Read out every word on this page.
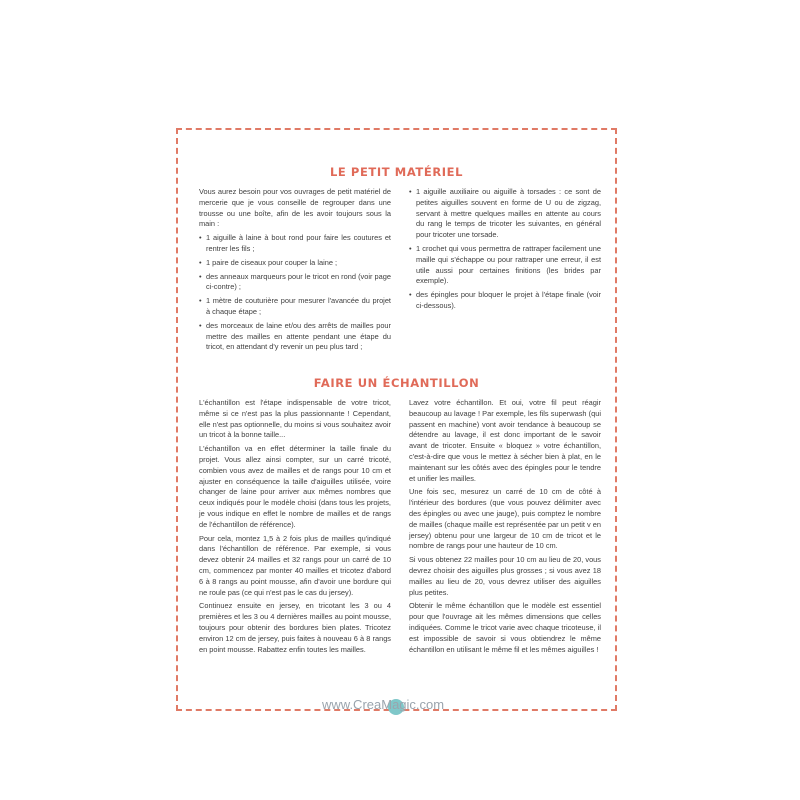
LE PETIT MATÉRIEL

Vous aurez besoin pour vos ouvrages de petit matériel de mercerie que je vous conseille de regrouper dans une trousse ou une boîte, afin de les avoir toujours sous la main :

• 1 aiguille à laine à bout rond pour faire les coutures et rentrer les fils ;
• 1 paire de ciseaux pour couper la laine ;
• des anneaux marqueurs pour le tricot en rond (voir page ci-contre) ;
• 1 mètre de couturière pour mesurer l'avancée du projet à chaque étape ;
• des morceaux de laine et/ou des arrêts de mailles pour mettre des mailles en attente pendant une étape du tricot, en attendant d'y revenir un peu plus tard ;
• 1 aiguille auxiliaire ou aiguille à torsades : ce sont de petites aiguilles souvent en forme de U ou de zigzag, servant à mettre quelques mailles en attente au cours du rang le temps de tricoter les suivantes, en général pour tricoter une torsade.
• 1 crochet qui vous permettra de rattraper facilement une maille qui s'échappe ou pour rattraper une erreur, il est utile aussi pour certaines finitions (les brides par exemple).
• des épingles pour bloquer le projet à l'étape finale (voir ci-dessous).
FAIRE UN ÉCHANTILLON

L'échantillon est l'étape indispensable de votre tricot, même si ce n'est pas la plus passionnante ! Cependant, elle n'est pas optionnelle, du moins si vous souhaitez avoir un tricot à la bonne taille...

L'échantillon va en effet déterminer la taille finale du projet. Vous allez ainsi compter, sur un carré tricoté, combien vous avez de mailles et de rangs pour 10 cm et ajuster en conséquence la taille d'aiguilles utilisée, voire changer de laine pour arriver aux mêmes nombres que ceux indiqués pour le modèle choisi (dans tous les projets, je vous indique en effet le nombre de mailles et de rangs de l'échantillon de référence).

Pour cela, montez 1,5 à 2 fois plus de mailles qu'indiqué dans l'échantillon de référence. Par exemple, si vous devez obtenir 24 mailles et 32 rangs pour un carré de 10 cm, commencez par monter 40 mailles et tricotez d'abord 6 à 8 rangs au point mousse, afin d'avoir une bordure qui ne roule pas (ce qui n'est pas le cas du jersey).

Continuez ensuite en jersey, en tricotant les 3 ou 4 premières et les 3 ou 4 dernières mailles au point mousse, toujours pour obtenir des bordures bien plates. Tricotez environ 12 cm de jersey, puis faites à nouveau 6 à 8 rangs en point mousse. Rabattez enfin toutes les mailles.

Lavez votre échantillon. Et oui, votre fil peut réagir beaucoup au lavage ! Par exemple, les fils superwash (qui passent en machine) vont avoir tendance à beaucoup se détendre au lavage, il est donc important de le savoir avant de tricoter. Ensuite « bloquez » votre échantillon, c'est-à-dire que vous le mettez à sécher bien à plat, en le maintenant sur les côtés avec des épingles pour le tendre et unifier les mailles.

Une fois sec, mesurez un carré de 10 cm de côté à l'intérieur des bordures (que vous pouvez délimiter avec des épingles ou avec une jauge), puis comptez le nombre de mailles (chaque maille est représentée par un petit v en jersey) obtenu pour une largeur de 10 cm de tricot et le nombre de rangs pour une hauteur de 10 cm.

Si vous obtenez 22 mailles pour 10 cm au lieu de 20, vous devrez choisir des aiguilles plus grosses ; si vous avez 18 mailles au lieu de 20, vous devrez utiliser des aiguilles plus petites.

Obtenir le même échantillon que le modèle est essentiel pour que l'ouvrage ait les mêmes dimensions que celles indiquées. Comme le tricot varie avec chaque tricoteuse, il est impossible de savoir si vous obtiendrez le même échantillon en utilisant le même fil et les mêmes aiguilles !

www.CreaMagic.com
